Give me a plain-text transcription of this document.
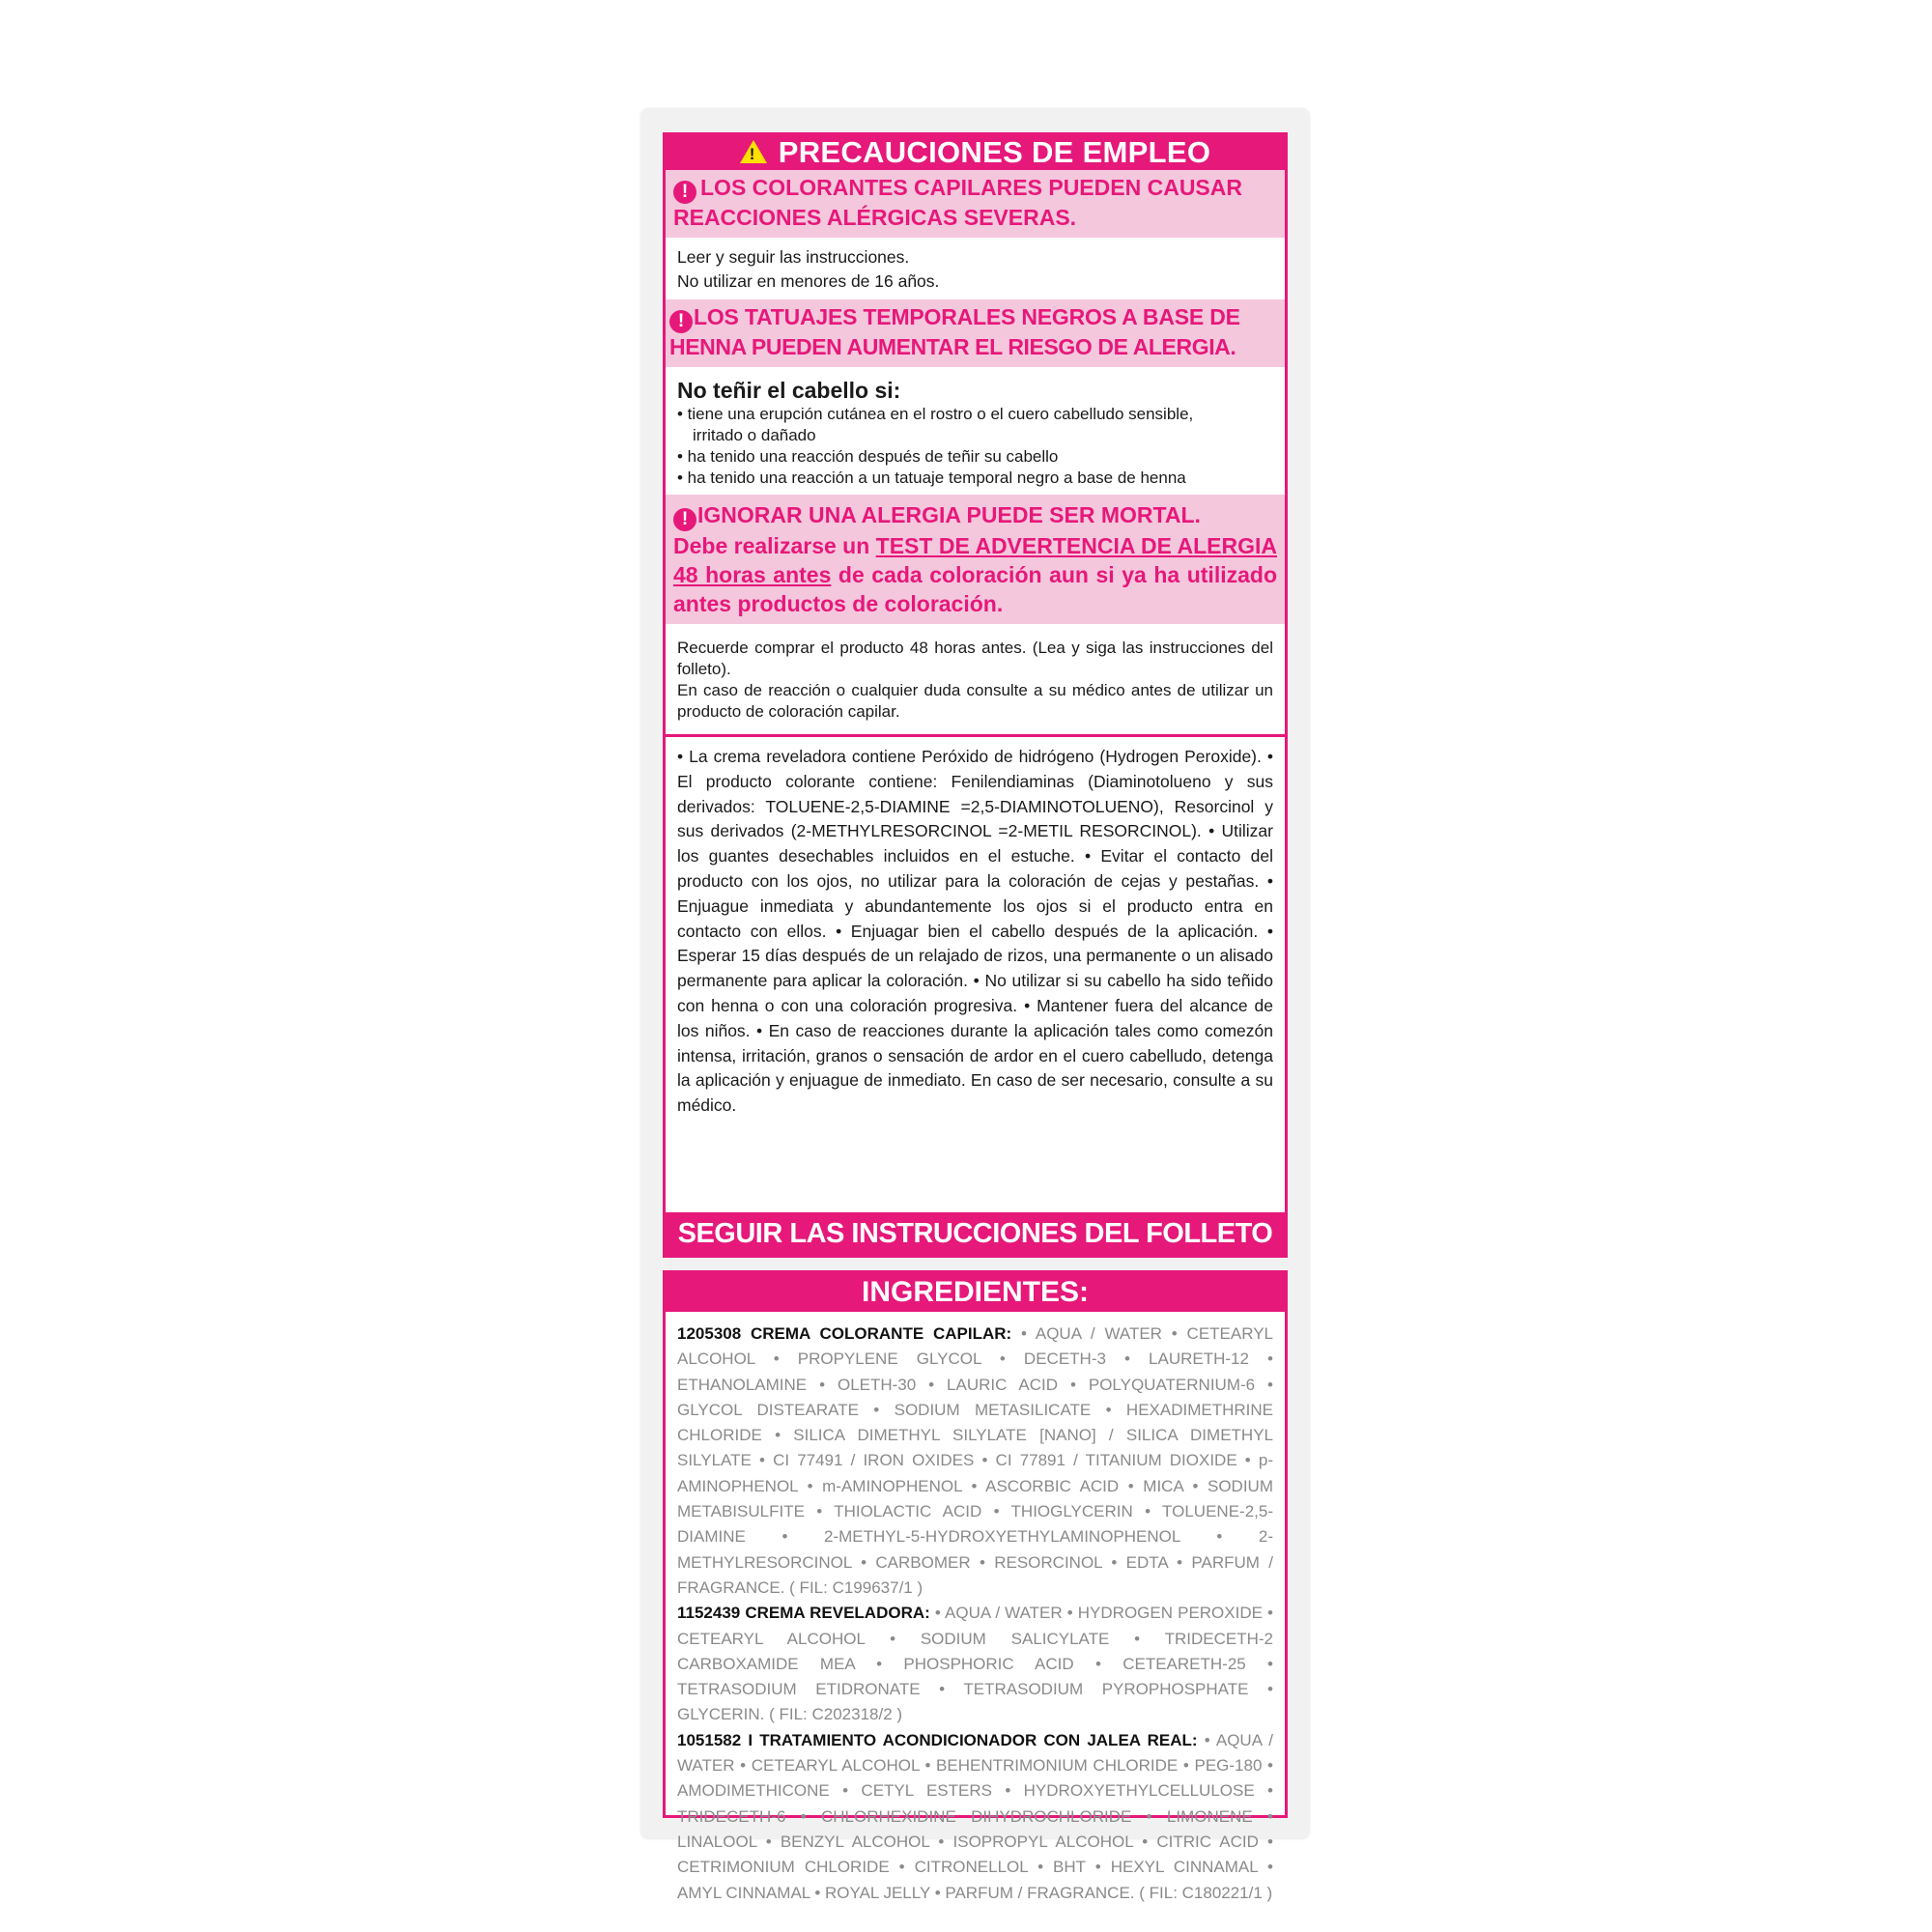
!
PRECAUCIONES DE EMPLEO
! LOS COLORANTES CAPILARES PUEDEN CAUSAR
REACCIONES ALÉRGICAS SEVERAS.
Leer y seguir las instrucciones.
No utilizar en menores de 16 años.
! LOS TATUAJES TEMPORALES NEGROS A BASE DE
HENNA PUEDEN AUMENTAR EL RIESGO DE ALERGIA.
No teñir el cabello si:
• tiene una erupción cutánea en el rostro o el cuero cabelludo sensible,
irritado o dañado
• ha tenido una reacción después de teñir su cabello
• ha tenido una reacción a un tatuaje temporal negro a base de henna
! IGNORAR UNA ALERGIA PUEDE SER MORTAL.
Debe realizarse un TEST DE ADVERTENCIA DE ALERGIA 48 horas antes de cada coloración aun si ya ha utilizado antes productos de coloración.
Recuerde comprar el producto 48 horas antes. (Lea y siga las instrucciones del folleto).
En caso de reacción o cualquier duda consulte a su médico antes de utilizar un producto de coloración capilar.
• La crema reveladora contiene Peróxido de hidrógeno (Hydrogen Peroxide). • El producto colorante contiene: Fenilendiaminas (Diaminotolueno y sus derivados: TOLUENE-2,5-DIAMINE =2,5-DIAMINOTOLUENO), Resorcinol y sus derivados (2-METHYLRESORCINOL =2-METIL RESORCINOL). • Utilizar los guantes desechables incluidos en el estuche. • Evitar el contacto del producto con los ojos, no utilizar para la coloración de cejas y pestañas. • Enjuague inmediata y abundantemente los ojos si el producto entra en contacto con ellos. • Enjuagar bien el cabello después de la aplicación. • Esperar 15 días después de un relajado de rizos, una permanente o un alisado permanente para aplicar la coloración. • No utilizar si su cabello ha sido teñido con henna o con una coloración progresiva. • Mantener fuera del alcance de los niños. • En caso de reacciones durante la aplicación tales como comezón intensa, irritación, granos o sensación de ardor en el cuero cabelludo, detenga la aplicación y enjuague de inmediato. En caso de ser necesario, consulte a su médico.
SEGUIR LAS INSTRUCCIONES DEL FOLLETO
INGREDIENTES:

1205308 CREMA COLORANTE CAPILAR: • AQUA / WATER • CETEARYL ALCOHOL • PROPYLENE GLYCOL • DECETH-3 • LAURETH-12 • ETHANOLAMINE • OLETH-30 • LAURIC ACID • POLYQUATERNIUM-6 • GLYCOL DISTEARATE • SODIUM METASILICATE • HEXADIMETHRINE CHLORIDE • SILICA DIMETHYL SILYLATE [NANO] / SILICA DIMETHYL SILYLATE • CI 77491 / IRON OXIDES • CI 77891 / TITANIUM DIOXIDE • p-AMINOPHENOL • m-AMINOPHENOL • ASCORBIC ACID • MICA • SODIUM METABISULFITE • THIOLACTIC ACID • THIOGLYCERIN • TOLUENE-2,5-DIAMINE • 2-METHYL-5-HYDROXYETHYLAMINOPHENOL • 2-METHYLRESORCINOL • CARBOMER • RESORCINOL • EDTA • PARFUM / FRAGRANCE. ( FIL: C199637/1 )

1152439 CREMA REVELADORA: • AQUA / WATER • HYDROGEN PEROXIDE • CETEARYL ALCOHOL • SODIUM SALICYLATE • TRIDECETH-2 CARBOXAMIDE MEA • PHOSPHORIC ACID • CETEARETH-25 • TETRASODIUM ETIDRONATE • TETRASODIUM PYROPHOSPHATE • GLYCERIN. ( FIL: C202318/2 )

1051582 I TRATAMIENTO ACONDICIONADOR CON JALEA REAL: • AQUA / WATER • CETEARYL ALCOHOL • BEHENTRIMONIUM CHLORIDE • PEG-180 • AMODIMETHICONE • CETYL ESTERS • HYDROXYETHYLCELLULOSE • TRIDECETH-6 • CHLORHEXIDINE DIHYDROCHLORIDE • LIMONENE • LINALOOL • BENZYL ALCOHOL • ISOPROPYL ALCOHOL • CITRIC ACID • CETRIMONIUM CHLORIDE • CITRONELLOL • BHT • HEXYL CINNAMAL • AMYL CINNAMAL • ROYAL JELLY • PARFUM / FRAGRANCE. ( FIL: C180221/1 )
